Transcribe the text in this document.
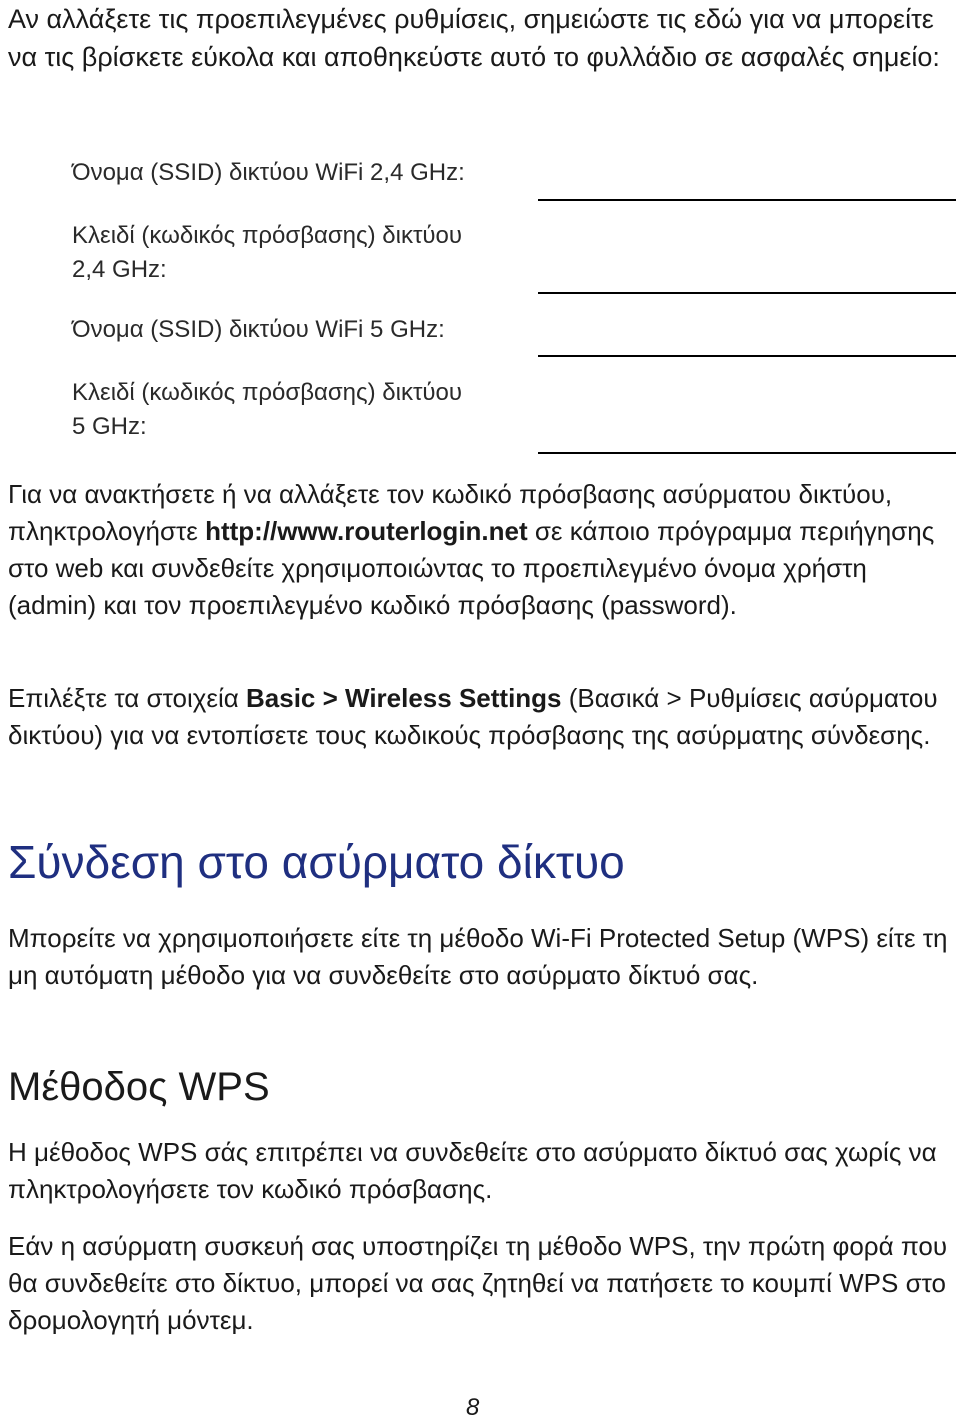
Αν αλλάξετε τις προεπιλεγμένες ρυθμίσεις, σημειώστε τις εδώ για να μπορείτε να τις βρίσκετε εύκολα και αποθηκεύστε αυτό το φυλλάδιο σε ασφαλές σημείο:

Όνομα (SSID) δικτύου WiFi 2,4 GHz:
Κλειδί (κωδικός πρόσβασης) δικτύου
2,4 GHz:
Όνομα (SSID) δικτύου WiFi 5 GHz:
Κλειδί (κωδικός πρόσβασης) δικτύου
5 GHz:

Για να ανακτήσετε ή να αλλάξετε τον κωδικό πρόσβασης ασύρματου δικτύου, πληκτρολογήστε http://www.routerlogin.net σε κάποιο πρόγραμμα περιήγησης στο web και συνδεθείτε χρησιμοποιώντας το προεπιλεγμένο όνομα χρήστη (admin) και τον προεπιλεγμένο κωδικό πρόσβασης (password).

Επιλέξτε τα στοιχεία Basic > Wireless Settings (Βασικά > Ρυθμίσεις ασύρματου δικτύου) για να εντοπίσετε τους κωδικούς πρόσβασης της ασύρματης σύνδεσης.

Σύνδεση στο ασύρματο δίκτυο

Μπορείτε να χρησιμοποιήσετε είτε τη μέθοδο Wi-Fi Protected Setup (WPS) είτε τη μη αυτόματη μέθοδο για να συνδεθείτε στο ασύρματο δίκτυό σας.

Μέθοδος WPS

Η μέθοδος WPS σάς επιτρέπει να συνδεθείτε στο ασύρματο δίκτυό σας χωρίς να πληκτρολογήσετε τον κωδικό πρόσβασης.

Εάν η ασύρματη συσκευή σας υποστηρίζει τη μέθοδο WPS, την πρώτη φορά που θα συνδεθείτε στο δίκτυο, μπορεί να σας ζητηθεί να πατήσετε το κουμπί WPS στο δρομολογητή μόντεμ.

8
